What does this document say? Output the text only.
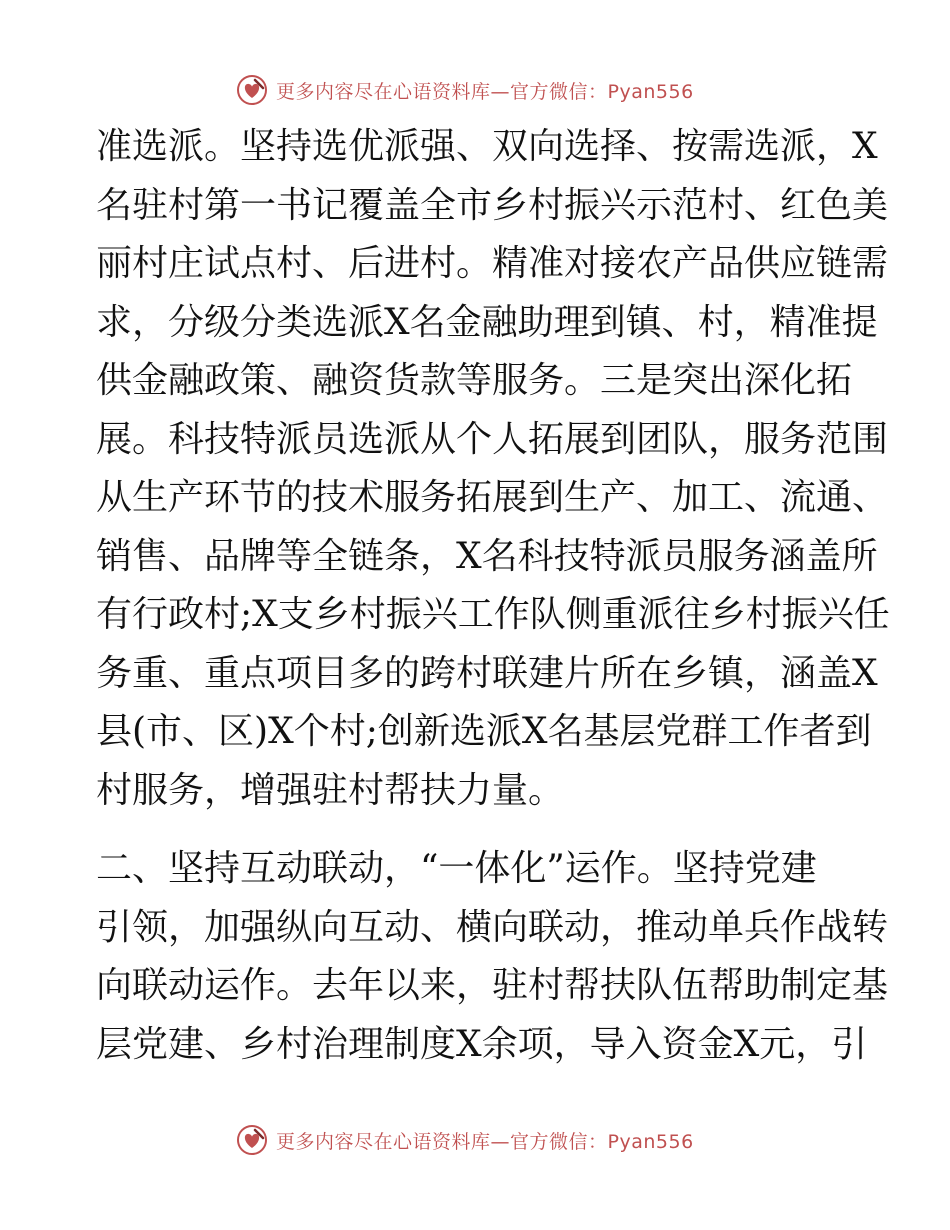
更多内容尽在心语资料库—官方微信：Pyan556
准选派。坚持选优派强、双向选择、按需选派，X
名驻村第一书记覆盖全市乡村振兴示范村、红色美
丽村庄试点村、后进村。精准对接农产品供应链需
求，分级分类选派X名金融助理到镇、村，精准提
供金融政策、融资货款等服务。三是突出深化拓
展。科技特派员选派从个人拓展到团队，服务范围
从生产环节的技术服务拓展到生产、加工、流通、
销售、品牌等全链条，X名科技特派员服务涵盖所
有行政村;X支乡村振兴工作队侧重派往乡村振兴任
务重、重点项目多的跨村联建片所在乡镇，涵盖X
县(市、区)X个村;创新选派X名基层党群工作者到
村服务，增强驻村帮扶力量。
二、坚持互动联动，“一体化”运作。坚持党建
引领，加强纵向互动、横向联动，推动单兵作战转
向联动运作。去年以来，驻村帮扶队伍帮助制定基
层党建、乡村治理制度X余项，导入资金X元，引
更多内容尽在心语资料库—官方微信：Pyan556
